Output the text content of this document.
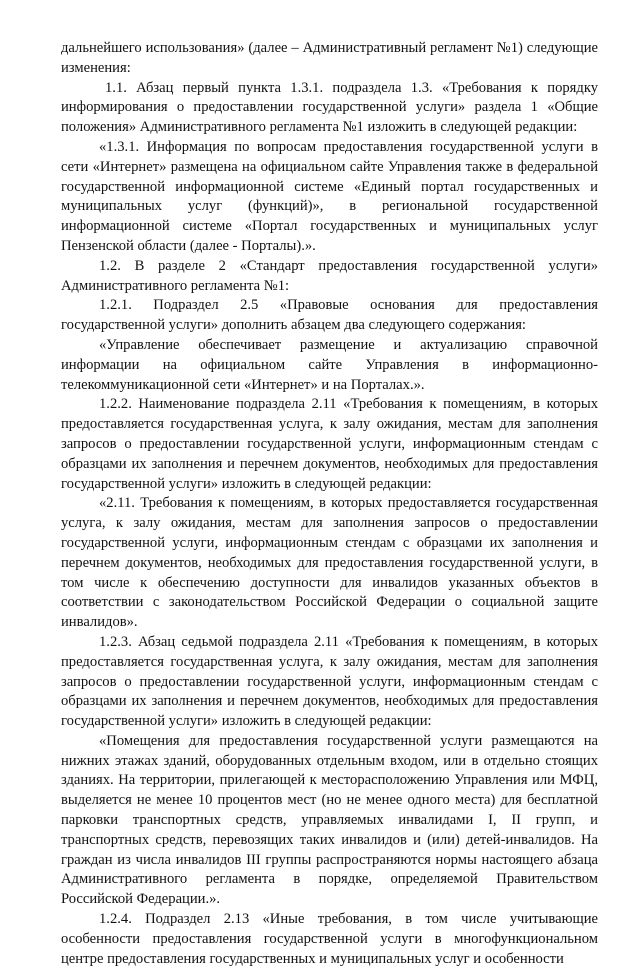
дальнейшего использования» (далее – Административный регламент №1) следующие изменения:

1.1. Абзац первый пункта 1.3.1. подраздела 1.3. «Требования к порядку информирования о предоставлении государственной услуги» раздела 1 «Общие положения» Административного регламента №1 изложить в следующей редакции:

«1.3.1. Информация по вопросам предоставления государственной услуги в сети «Интернет» размещена на официальном сайте Управления также в федеральной государственной информационной системе «Единый портал государственных и муниципальных услуг (функций)», в региональной государственной информационной системе «Портал государственных и муниципальных услуг Пензенской области (далее - Порталы).».

1.2. В разделе 2 «Стандарт предоставления государственной услуги» Административного регламента №1:

1.2.1. Подраздел 2.5 «Правовые основания для предоставления государственной услуги» дополнить абзацем два следующего содержания:

«Управление обеспечивает размещение и актуализацию справочной информации на официальном сайте Управления в информационно-телекоммуникационной сети «Интернет» и на Порталах.».

1.2.2. Наименование подраздела 2.11 «Требования к помещениям, в которых предоставляется государственная услуга, к залу ожидания, местам для заполнения запросов о предоставлении государственной услуги, информационным стендам с образцами их заполнения и перечнем документов, необходимых для предоставления государственной услуги» изложить в следующей редакции:

«2.11. Требования к помещениям, в которых предоставляется государственная услуга, к залу ожидания, местам для заполнения запросов о предоставлении государственной услуги, информационным стендам с образцами их заполнения и перечнем документов, необходимых для предоставления государственной услуги, в том числе к обеспечению доступности для инвалидов указанных объектов в соответствии с законодательством Российской Федерации о социальной защите инвалидов».

1.2.3. Абзац седьмой подраздела 2.11 «Требования к помещениям, в которых предоставляется государственная услуга, к залу ожидания, местам для заполнения запросов о предоставлении государственной услуги, информационным стендам с образцами их заполнения и перечнем документов, необходимых для предоставления государственной услуги» изложить в следующей редакции:

«Помещения для предоставления государственной услуги размещаются на нижних этажах зданий, оборудованных отдельным входом, или в отдельно стоящих зданиях. На территории, прилегающей к месторасположению Управления или МФЦ, выделяется не менее 10 процентов мест (но не менее одного места) для бесплатной парковки транспортных средств, управляемых инвалидами I, II групп, и транспортных средств, перевозящих таких инвалидов и (или) детей-инвалидов. На граждан из числа инвалидов III группы распространяются нормы настоящего абзаца Административного регламента в порядке, определяемой Правительством Российской Федерации.».

1.2.4. Подраздел 2.13 «Иные требования, в том числе учитывающие особенности предоставления государственной услуги в многофункциональном центре предоставления государственных и муниципальных услуг и особенности
